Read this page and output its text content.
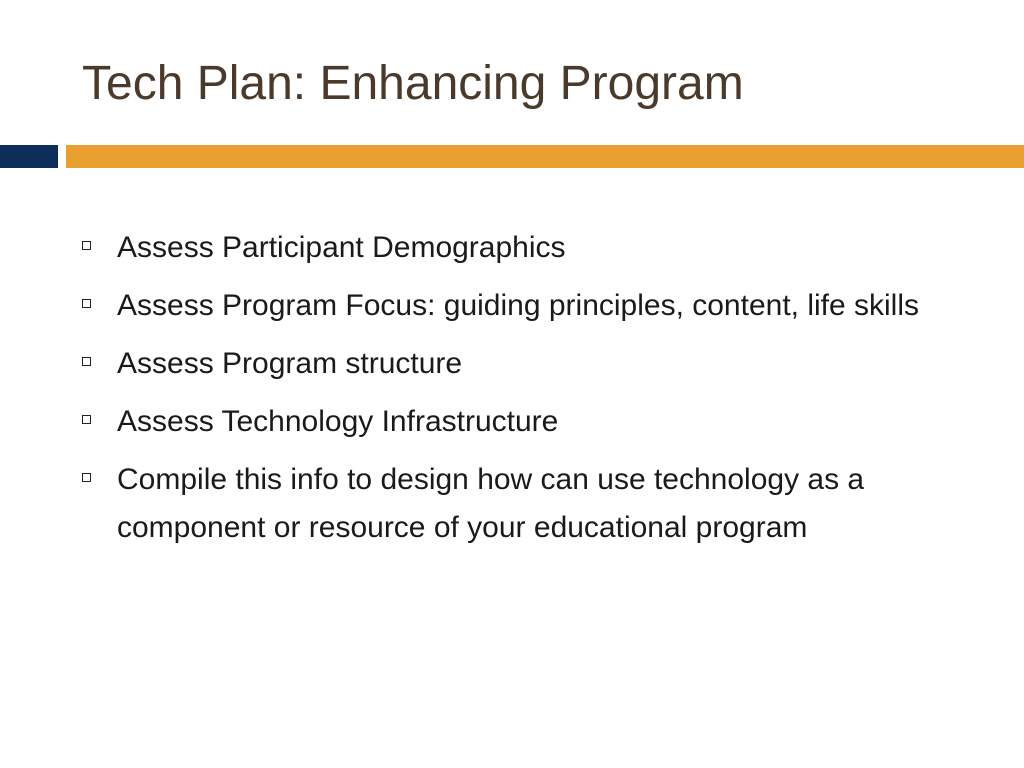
Tech Plan: Enhancing Program
Assess Participant Demographics
Assess Program Focus: guiding principles, content, life skills
Assess Program structure
Assess Technology Infrastructure
Compile this info to design how can use technology as a component or resource of your educational program
